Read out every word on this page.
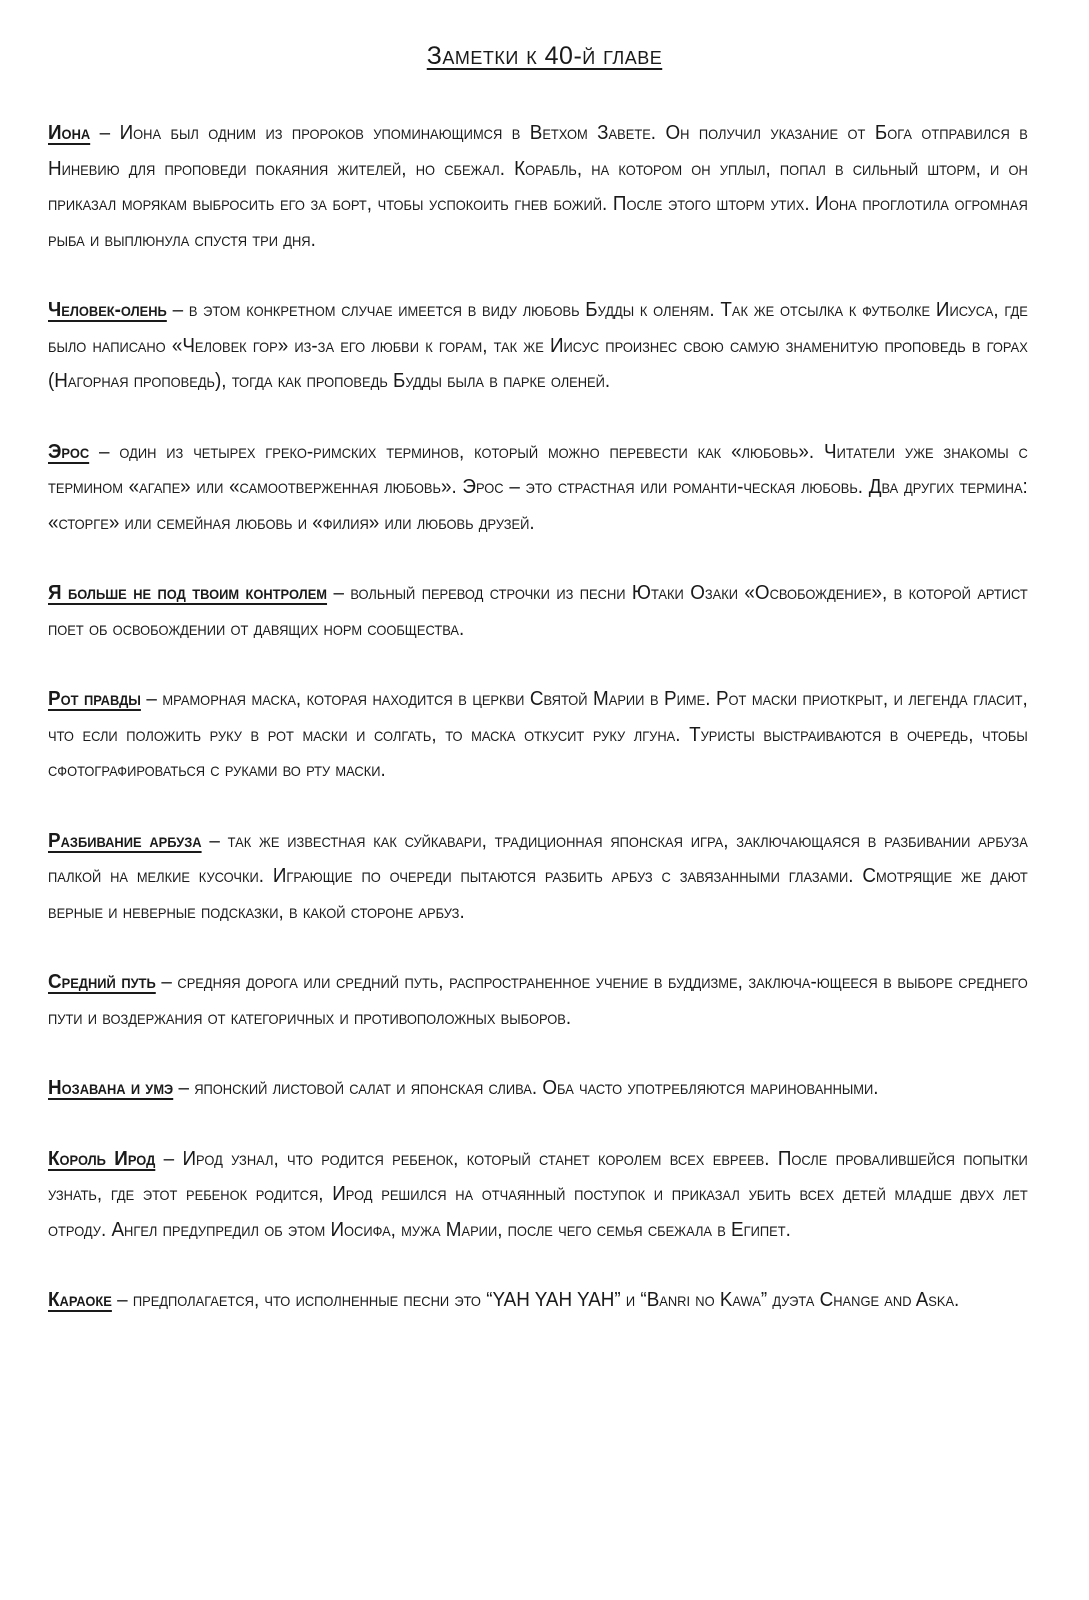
Заметки к 40-й главе

Иона – Иона был одним из пророков упоминающимся в Ветхом Завете. Он получил указание от Бога отправился в Ниневию для проповеди покаяния жителей, но сбежал. Корабль, на котором он уплыл, попал в сильный шторм, и он приказал морякам выбросить его за борт, чтобы успокоить гнев божий. После этого шторм утих. Иона проглотила огромная рыба и выплюнула спустя три дня.

Человек-олень – в этом конкретном случае имеется в виду любовь Будды к оленям. Так же отсылка к футболке Иисуса, где было написано «Человек гор» из-за его любви к горам, так же Иисус произнес свою самую знаменитую проповедь в горах (Нагорная проповедь), тогда как проповедь Будды была в парке оленей.

Эрос – один из четырех греко-римских терминов, который можно перевести как «любовь». Читатели уже знакомы с термином «агапе» или «самоотверженная любовь». Эрос – это страстная или романти-ческая любовь. Два других термина: «сторге» или семейная любовь и «филия» или любовь друзей.

Я больше не под твоим контролем – вольный перевод строчки из песни Ютаки Озаки «Освобождение», в которой артист поет об освобождении от давящих норм сообщества.

Рот правды – мраморная маска, которая находится в церкви Святой Марии в Риме. Рот маски приоткрыт, и легенда гласит, что если положить руку в рот маски и солгать, то маска откусит руку лгуна. Туристы выстраиваются в очередь, чтобы сфотографироваться с руками во рту маски.

Разбивание арбуза – так же известная как суйкавари, традиционная японская игра, заключающаяся в разбивании арбуза палкой на мелкие кусочки. Играющие по очереди пытаются разбить арбуз с завязанными глазами. Смотрящие же дают верные и неверные подсказки, в какой стороне арбуз.

Средний путь – средняя дорога или средний путь, распространенное учение в буддизме, заключа-ющееся в выборе среднего пути и воздержания от категоричных и противоположных выборов.

Нозавана и умэ – японский листовой салат и японская слива. Оба часто употребляются маринованными.

Король Ирод – Ирод узнал, что родится ребенок, который станет королем всех евреев. После провалившейся попытки узнать, где этот ребенок родится, Ирод решился на отчаянный поступок и приказал убить всех детей младше двух лет отроду. Ангел предупредил об этом Иосифа, мужа Марии, после чего семья сбежала в Египет.

Караоке – предполагается, что исполненные песни это “YAH YAH YAH” и “Banri no Kawa” дуэта Change and Aska.
